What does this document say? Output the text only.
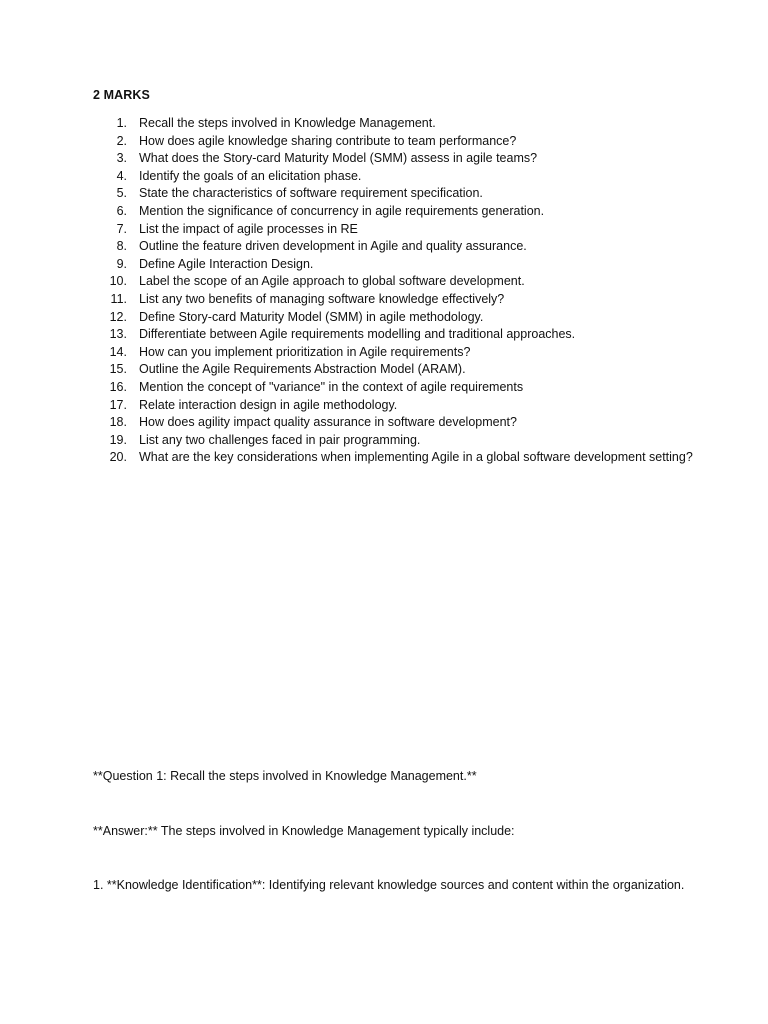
2 MARKS
1. Recall the steps involved in Knowledge Management.
2. How does agile knowledge sharing contribute to team performance?
3. What does the Story-card Maturity Model (SMM) assess in agile teams?
4. Identify the goals of an elicitation phase.
5. State the characteristics of software requirement specification.
6. Mention the significance of concurrency in agile requirements generation.
7. List the impact of agile processes in RE
8. Outline the feature driven development in Agile and quality assurance.
9. Define Agile Interaction Design.
10. Label the scope of an Agile approach to global software development.
11. List any two benefits of managing software knowledge effectively?
12. Define Story-card Maturity Model (SMM) in agile methodology.
13. Differentiate between Agile requirements modelling and traditional approaches.
14. How can you implement prioritization in Agile requirements?
15. Outline the Agile Requirements Abstraction Model (ARAM).
16. Mention the concept of "variance" in the context of agile requirements
17. Relate interaction design in agile methodology.
18. How does agility impact quality assurance in software development?
19. List any two challenges faced in pair programming.
20. What are the key considerations when implementing Agile in a global software development setting?
**Question 1: Recall the steps involved in Knowledge Management.**
**Answer:** The steps involved in Knowledge Management typically include:
1. **Knowledge Identification**: Identifying relevant knowledge sources and content within the organization.
